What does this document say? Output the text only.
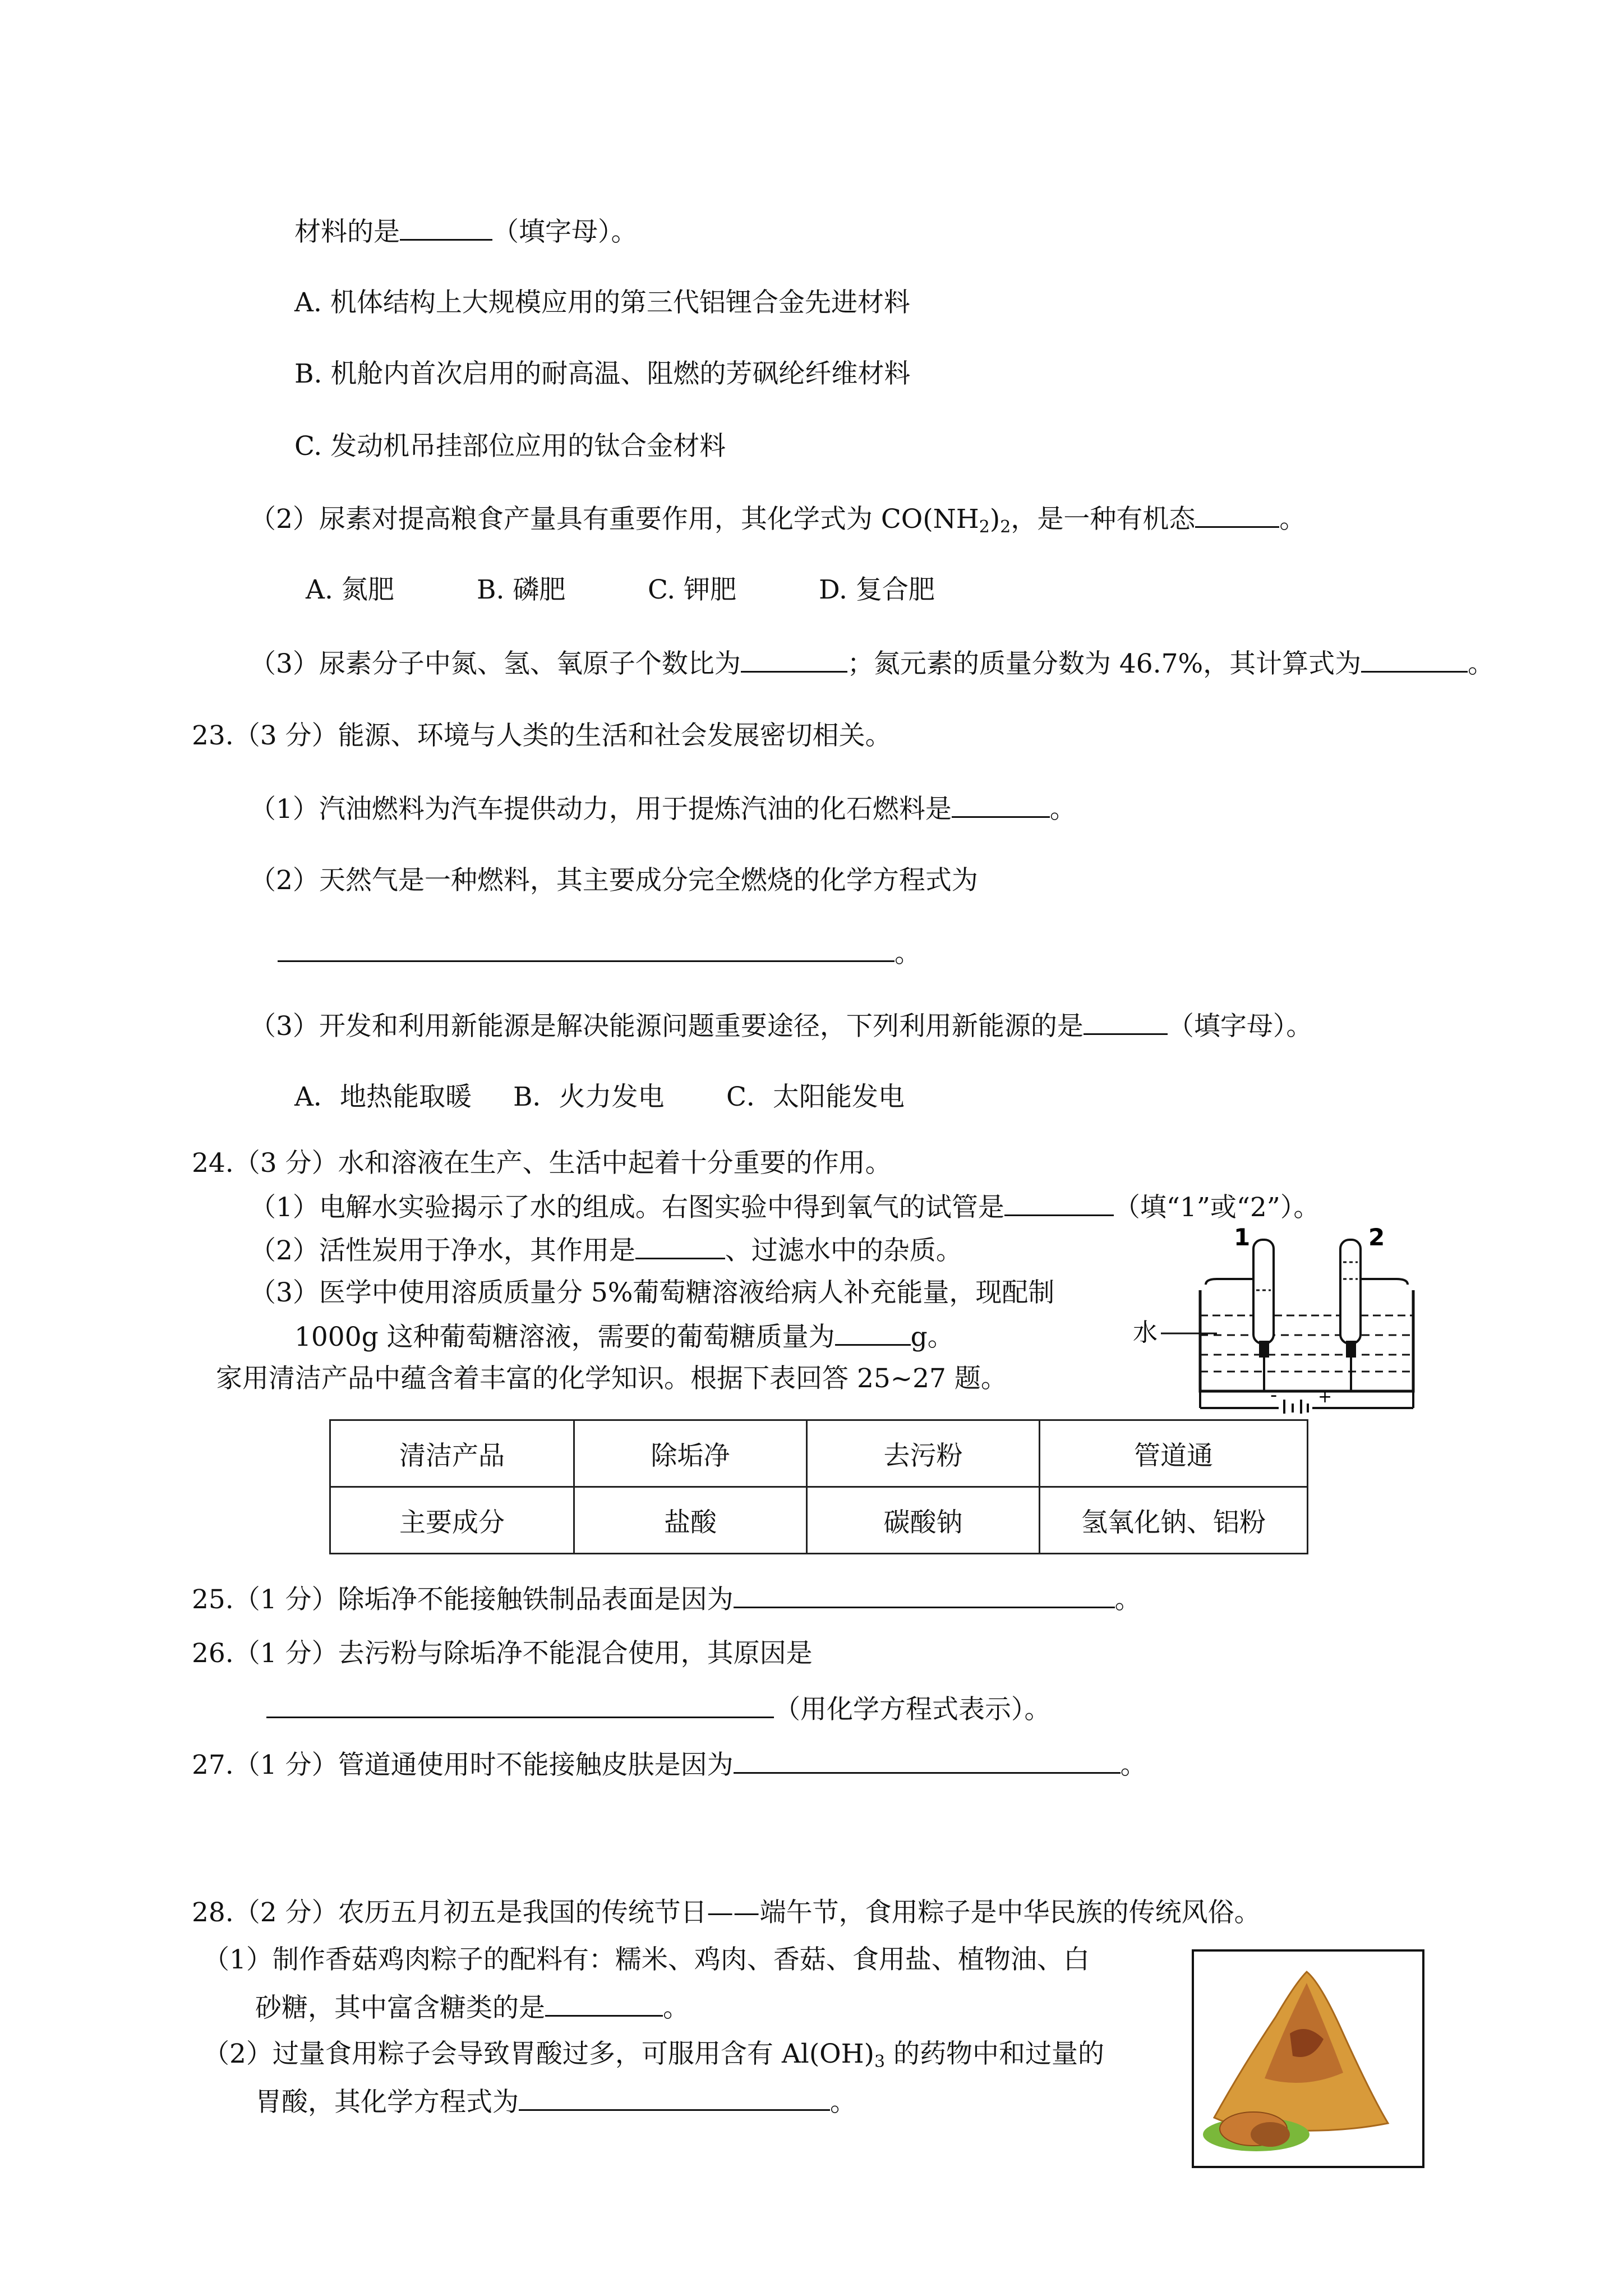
材料的是	（填字母）。
A. 机体结构上大规模应用的第三代铝锂合金先进材料
B. 机舱内首次启用的耐高温、阻燃的芳砜纶纤维材料
C. 发动机吊挂部位应用的钛合金材料
（2）尿素对提高粮食产量具有重要作用，其化学式为 $CO(NH_2)_2$，是一种有机态	。
A. 氮肥	B. 磷肥	C. 钾肥	D. 复合肥
（3）尿素分子中氮、氢、氧原子个数比为	；氮元素的质量分数为 46.7%，其计算式为	。
23.（3 分）能源、环境与人类的生活和社会发展密切相关。
（1）汽油燃料为汽车提供动力，用于提炼汽油的化石燃料是	。
（2）天然气是一种燃料，其主要成分完全燃烧的化学方程式为
。
（3）开发和利用新能源是解决能源问题重要途径，下列利用新能源的是	（填字母）。
A．地热能取暖 B．火力发电 C．太阳能发电
24.（3 分）水和溶液在生产、生活中起着十分重要的作用。
（1）电解水实验揭示了水的组成。右图实验中得到氧气的试管是	（填“1”或“2”）。
（2）活性炭用于净水，其作用是	、过滤水中的杂质。
（3）医学中使用溶质质量分 5%葡萄糖溶液给病人补充能量，现配制
1000g 这种葡萄糖溶液，需要的葡萄糖质量为	g。
家用清洁产品中蕴含着丰富的化学知识。根据下表回答 25~27 题。
- +
1	2
水
清洁产品	除垢净	去污粉	管道通
主要成分	盐酸	碳酸钠	氢氧化钠、铝粉
25.（1 分）除垢净不能接触铁制品表面是因为	。
26.（1 分）去污粉与除垢净不能混合使用，其原因是
（用化学方程式表示）。
27.（1 分）管道通使用时不能接触皮肤是因为	。
28.（2 分）农历五月初五是我国的传统节日——端午节，食用粽子是中华民族的传统风俗。
（1）制作香菇鸡肉粽子的配料有：糯米、鸡肉、香菇、食用盐、植物油、白
砂糖，其中富含糖类的是	。
（2）过量食用粽子会导致胃酸过多，可服用含有 $Al(OH)_3$ 的药物中和过量的
胃酸，其化学方程式为	。
